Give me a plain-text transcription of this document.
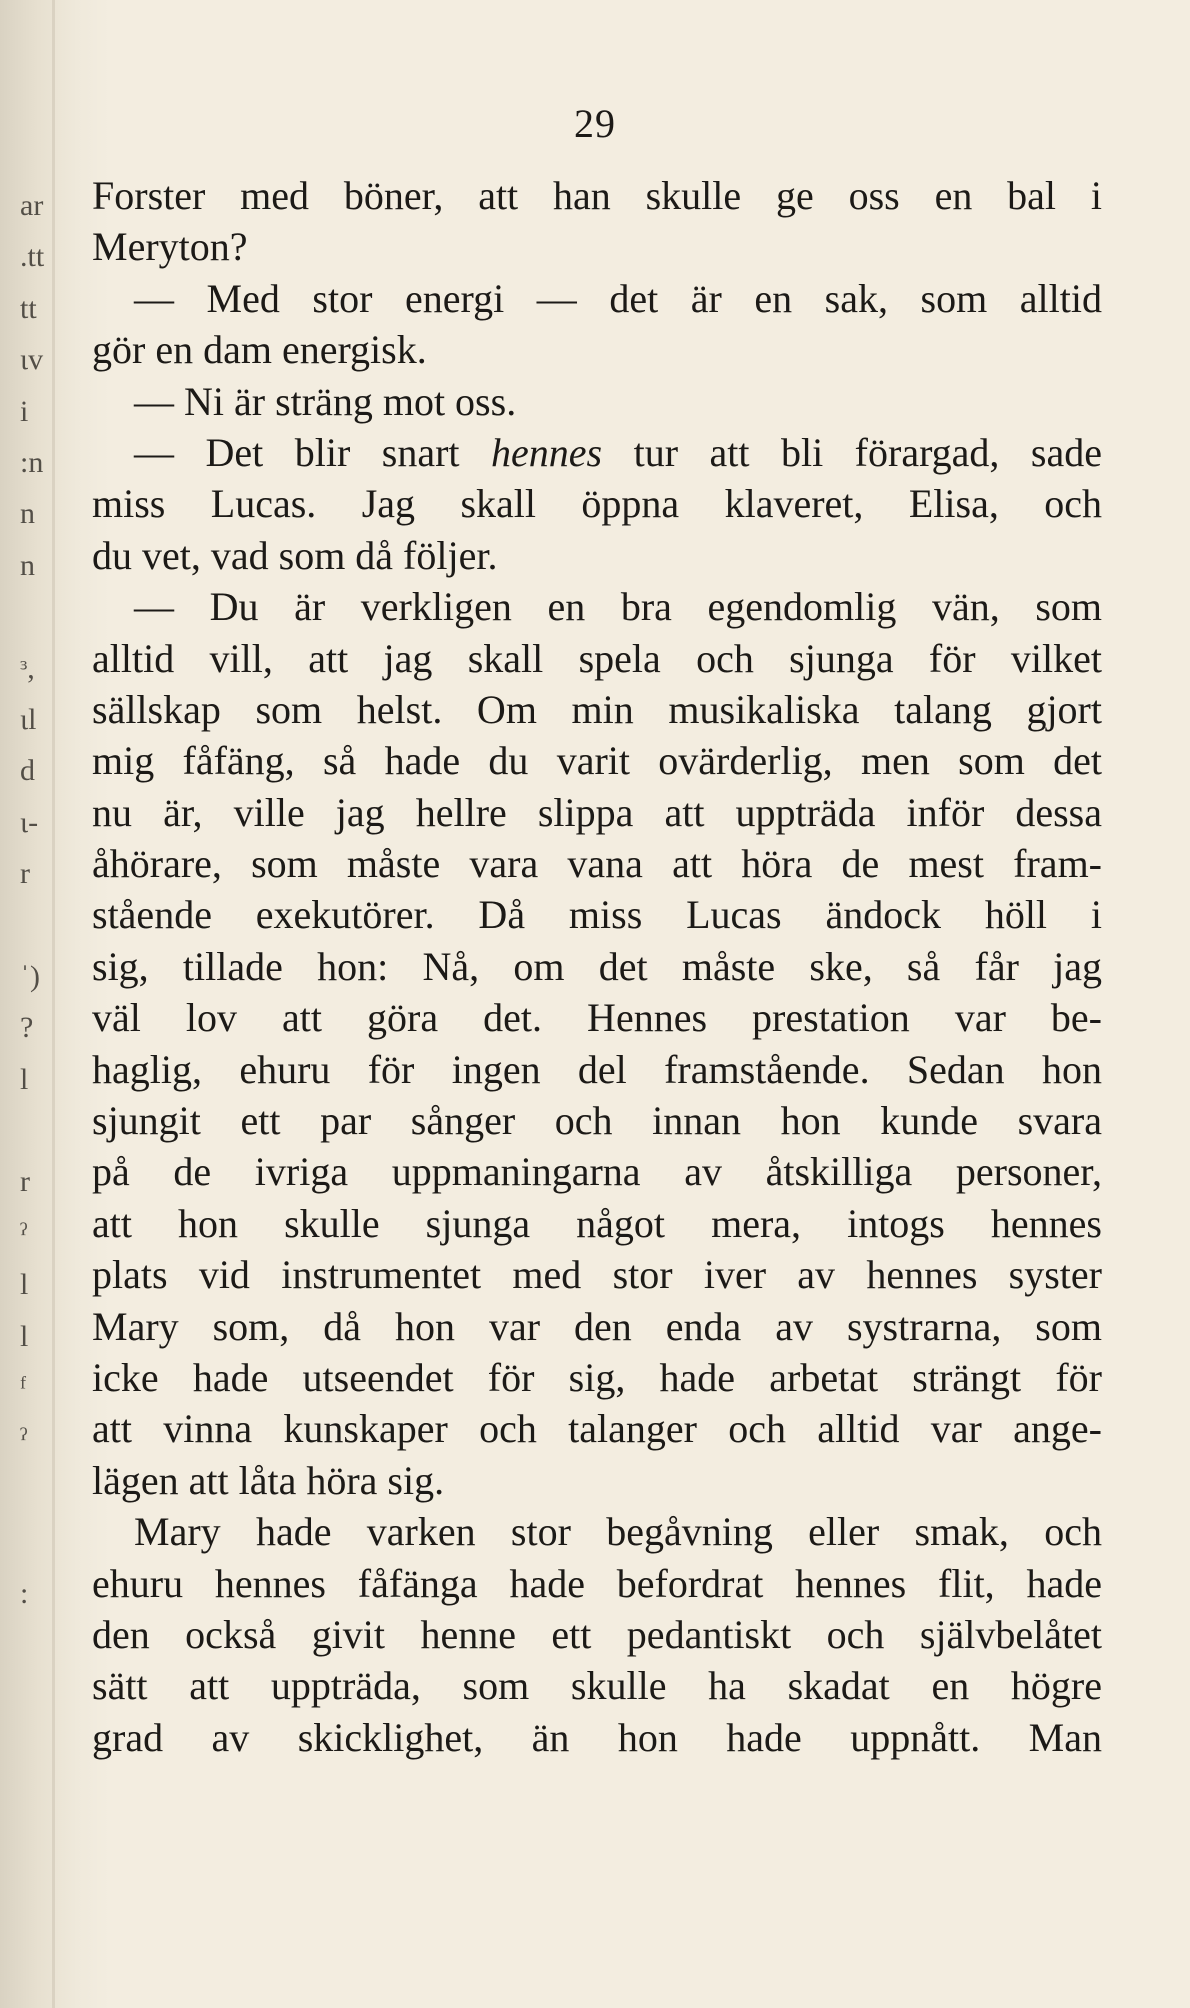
ar
.tt
tt
ιv
i
:n
n
n
ᶟ,
ιl
d
ι-
r
ˈ)
?
l
r
ˀ
l
l
ᶠ
ˀ
:
29
Forster med böner, att han skulle ge oss en bal i
Meryton?
— Med stor energi — det är en sak, som alltid
gör en dam energisk.
— Ni är sträng mot oss.
— Det blir snart hennes tur att bli förargad, sade
miss Lucas. Jag skall öppna klaveret, Elisa, och
du vet, vad som då följer.
— Du är verkligen en bra egendomlig vän, som
alltid vill, att jag skall spela och sjunga för vilket
sällskap som helst. Om min musikaliska talang gjort
mig fåfäng, så hade du varit ovärderlig, men som det
nu är, ville jag hellre slippa att uppträda inför dessa
åhörare, som måste vara vana att höra de mest fram-
stående exekutörer. Då miss Lucas ändock höll i
sig, tillade hon: Nå, om det måste ske, så får jag
väl lov att göra det. Hennes prestation var be-
haglig, ehuru för ingen del framstående. Sedan hon
sjungit ett par sånger och innan hon kunde svara
på de ivriga uppmaningarna av åtskilliga personer,
att hon skulle sjunga något mera, intogs hennes
plats vid instrumentet med stor iver av hennes syster
Mary som, då hon var den enda av systrarna, som
icke hade utseendet för sig, hade arbetat strängt för
att vinna kunskaper och talanger och alltid var ange-
lägen att låta höra sig.
Mary hade varken stor begåvning eller smak, och
ehuru hennes fåfänga hade befordrat hennes flit, hade
den också givit henne ett pedantiskt och självbelåtet
sätt att uppträda, som skulle ha skadat en högre
grad av skicklighet, än hon hade uppnått. Man
